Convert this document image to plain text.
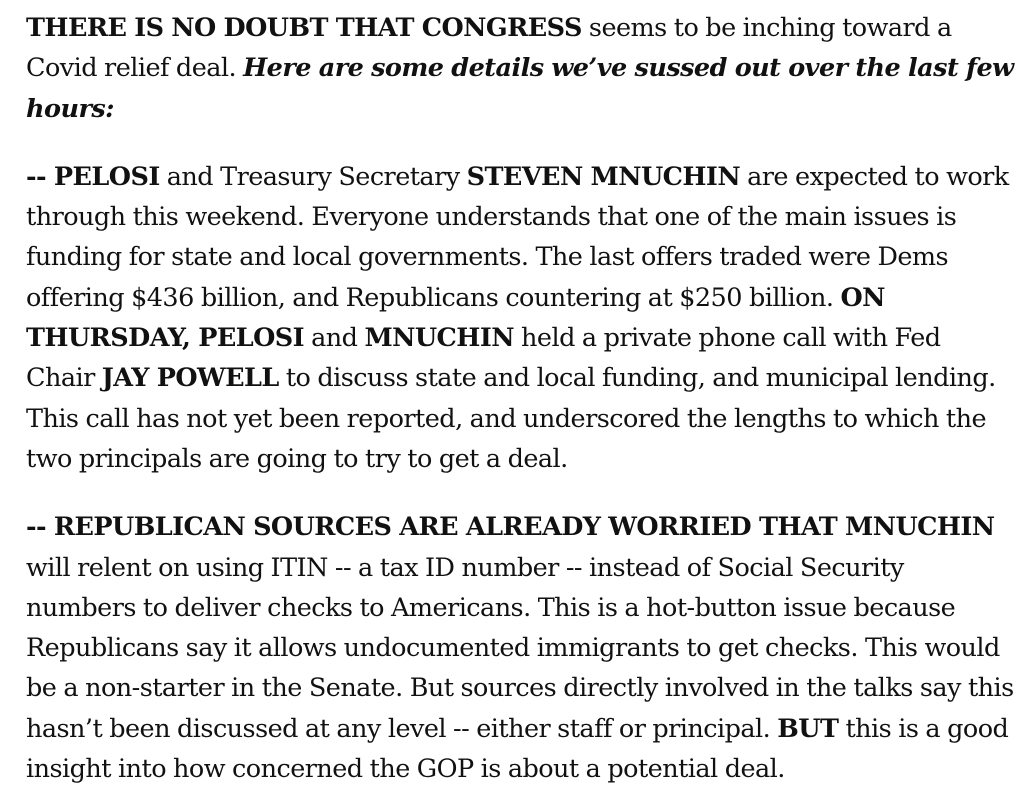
THERE IS NO DOUBT THAT CONGRESS seems to be inching toward a Covid relief deal. Here are some details we’ve sussed out over the last few hours:

-- PELOSI and Treasury Secretary STEVEN MNUCHIN are expected to work through this weekend. Everyone understands that one of the main issues is funding for state and local governments. The last offers traded were Dems offering $436 billion, and Republicans countering at $250 billion. ON THURSDAY, PELOSI and MNUCHIN held a private phone call with Fed Chair JAY POWELL to discuss state and local funding, and municipal lending. This call has not yet been reported, and underscored the lengths to which the two principals are going to try to get a deal.

-- REPUBLICAN SOURCES ARE ALREADY WORRIED THAT MNUCHIN will relent on using ITIN -- a tax ID number -- instead of Social Security numbers to deliver checks to Americans. This is a hot-button issue because Republicans say it allows undocumented immigrants to get checks. This would be a non-starter in the Senate. But sources directly involved in the talks say this hasn’t been discussed at any level -- either staff or principal. BUT this is a good insight into how concerned the GOP is about a potential deal.
